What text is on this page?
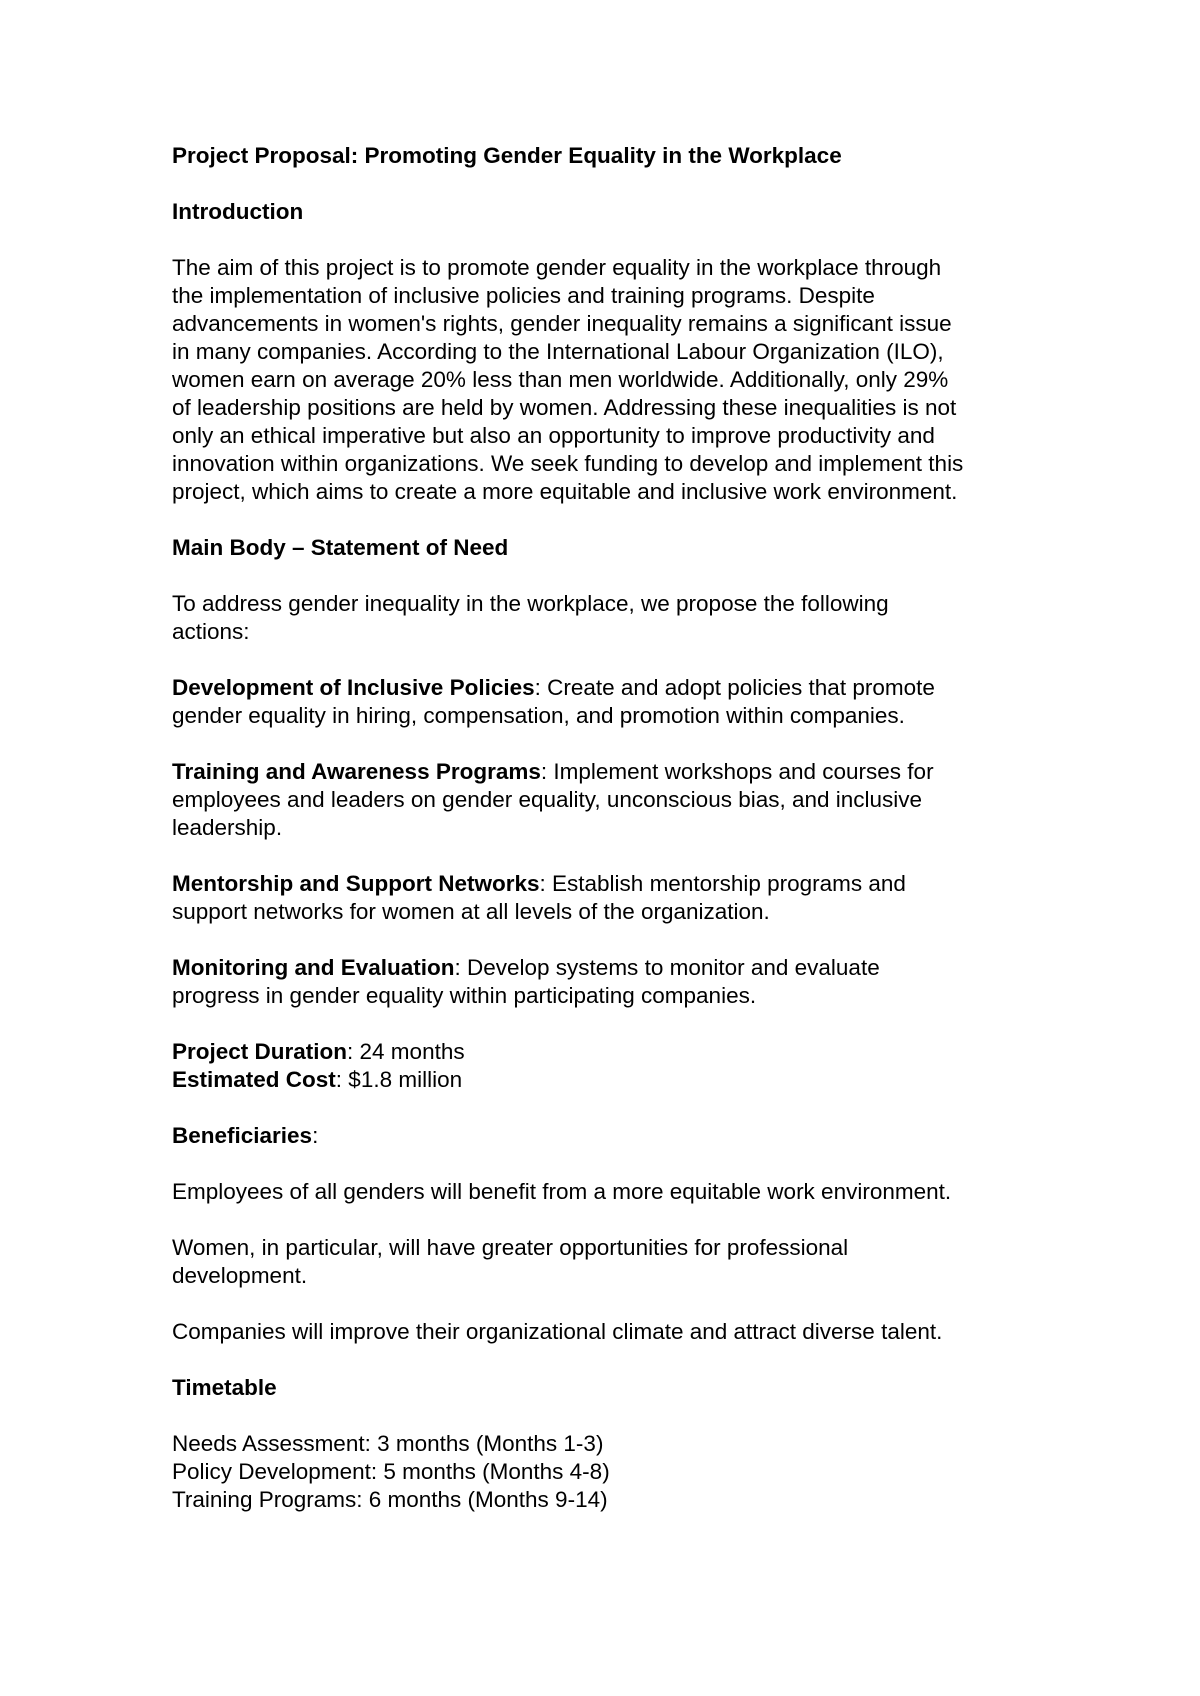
Project Proposal: Promoting Gender Equality in the Workplace

Introduction

The aim of this project is to promote gender equality in the workplace through
the implementation of inclusive policies and training programs. Despite
advancements in women's rights, gender inequality remains a significant issue
in many companies. According to the International Labour Organization (ILO),
women earn on average 20% less than men worldwide. Additionally, only 29%
of leadership positions are held by women. Addressing these inequalities is not
only an ethical imperative but also an opportunity to improve productivity and
innovation within organizations. We seek funding to develop and implement this
project, which aims to create a more equitable and inclusive work environment.

Main Body – Statement of Need

To address gender inequality in the workplace, we propose the following
actions:

Development of Inclusive Policies: Create and adopt policies that promote
gender equality in hiring, compensation, and promotion within companies.

Training and Awareness Programs: Implement workshops and courses for
employees and leaders on gender equality, unconscious bias, and inclusive
leadership.

Mentorship and Support Networks: Establish mentorship programs and
support networks for women at all levels of the organization.

Monitoring and Evaluation: Develop systems to monitor and evaluate
progress in gender equality within participating companies.

Project Duration: 24 months
Estimated Cost: $1.8 million

Beneficiaries:

Employees of all genders will benefit from a more equitable work environment.

Women, in particular, will have greater opportunities for professional
development.

Companies will improve their organizational climate and attract diverse talent.

Timetable

Needs Assessment: 3 months (Months 1-3)
Policy Development: 5 months (Months 4-8)
Training Programs: 6 months (Months 9-14)
